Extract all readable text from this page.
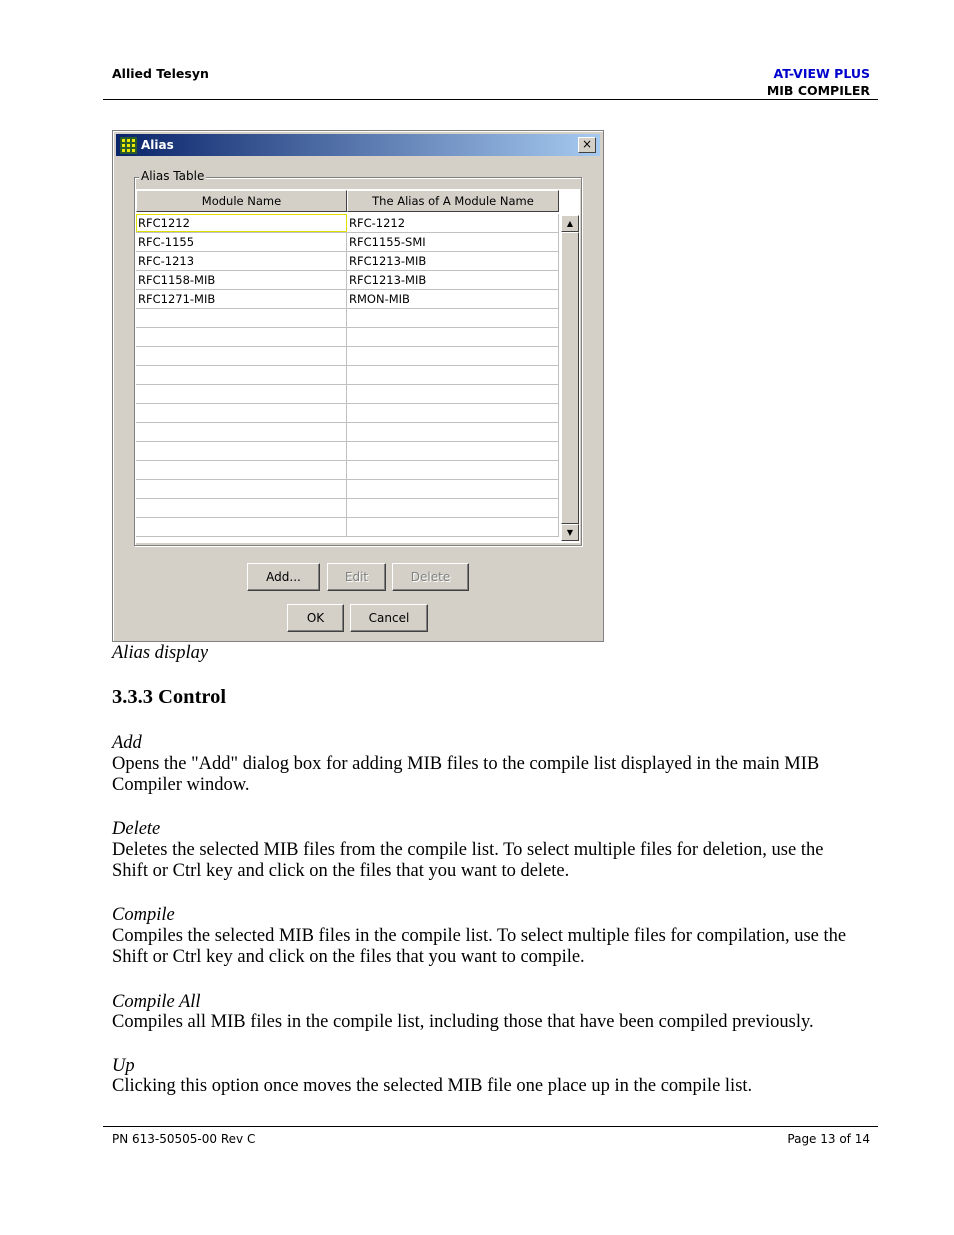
Allied Telesyn	AT-VIEW PLUS
MIB COMPILER
Alias	×
Alias Table
Module Name	The Alias of A Module Name
RFC1212	RFC-1212
RFC-1155	RFC1155-SMI
RFC-1213	RFC1213-MIB
RFC1158-MIB	RFC1213-MIB
RFC1271-MIB	RMON-MIB
▲
▼
Add...	Edit	Delete
OK	Cancel
Alias display
3.3.3 Control
Add
Opens the "Add" dialog box for adding MIB files to the compile list displayed in the main MIB
Compiler window.
Delete
Deletes the selected MIB files from the compile list. To select multiple files for deletion, use the
Shift or Ctrl key and click on the files that you want to delete.
Compile
Compiles the selected MIB files in the compile list. To select multiple files for compilation, use the
Shift or Ctrl key and click on the files that you want to compile.
Compile All
Compiles all MIB files in the compile list, including those that have been compiled previously.
Up
Clicking this option once moves the selected MIB file one place up in the compile list.
PN 613-50505-00 Rev C	Page 13 of 14
